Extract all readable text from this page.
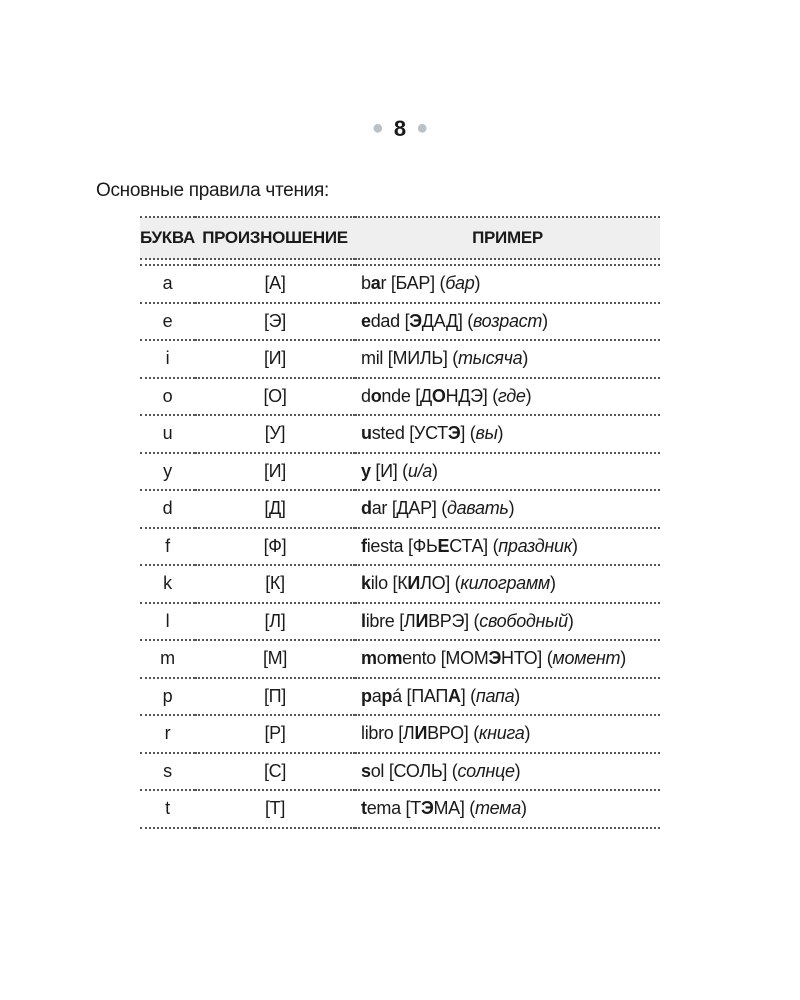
● 8 ●
Основные правила чтения:
БУКВА	ПРОИЗНОШЕНИЕ	ПРИМЕР

a	[А]	bar [БАР] (бар)
e	[Э]	edad [ЭДАД] (возраст)
i	[И]	mil [МИЛЬ] (тысяча)
o	[О]	donde [ДОНДЭ] (где)
u	[У]	usted [УСТЭ] (вы)
y	[И]	y [И] (и/а)
d	[Д]	dar [ДАР] (давать)
f	[Ф]	fiesta [ФЬЕСТА] (праздник)
k	[К]	kilo [КИЛО] (килограмм)
l	[Л]	libre [ЛИВРЭ] (свободный)
m	[М]	momento [МОМЭНТО] (момент)
p	[П]	papá [ПАПА] (папа)
r	[Р]	libro [ЛИВРО] (книга)
s	[С]	sol [СОЛЬ] (солнце)
t	[Т]	tema [ТЭМА] (тема)
